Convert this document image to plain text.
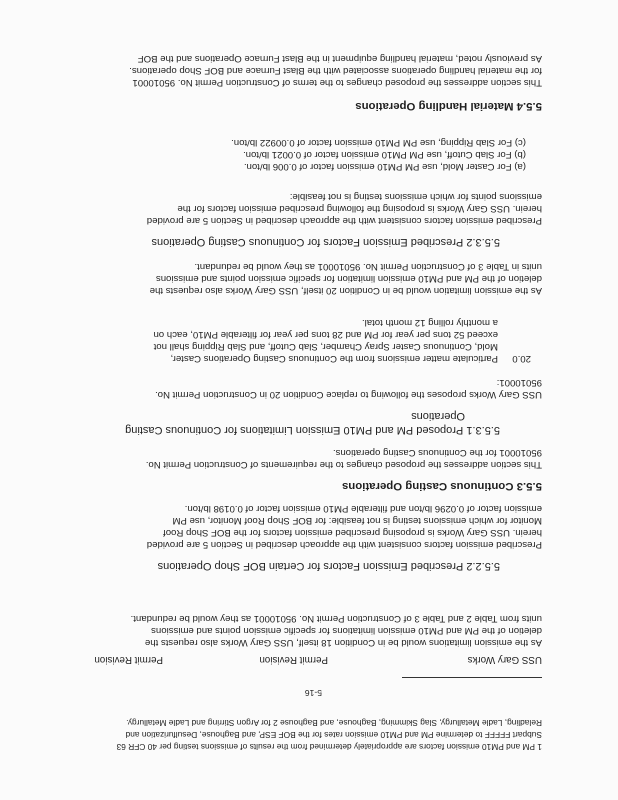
USS Gary Works
Permit Revision
Permit Revision
5.5.2.2 Prescribed Emission Factors for Certain BOF Shop Operations
As the emission limitations would be in Condition 18 itself, USS Gary Works also requests the
deletion of the PM and PM10 emission limitations for specific emission points and emissions
units from Table 2 and Table 3 of Construction Permit No. 95010001 as they would be redundant.
Prescribed emission factors consistent with the approach described in Section 5 are provided
herein. USS Gary Works is proposing prescribed emission factors for the BOF Shop Roof
Monitor for which emissions testing is not feasible: for BOF Shop Roof Monitor, use PM
emission factor of 0.0296 lb/ton and filterable PM10 emission factor of 0.0198 lb/ton.
5.5.3 Continuous Casting Operations
This section addresses the proposed changes to the requirements of Construction Permit No.
95010001 for the Continuous Casting operations.
5.5.3.1 Proposed PM and PM10 Emission Limitations for Continuous Casting
Operations
USS Gary Works proposes the following to replace Condition 20 in Construction Permit No.
95010001:
20.0
Particulate matter emissions from the Continuous Casting Operations Caster,
Mold, Continuous Caster Spray Chamber, Slab Cutoff, and Slab Ripping shall not
exceed 52 tons per year for PM and 28 tons per year for filterable PM10, each on
a monthly rolling 12 month total.
As the emission limitation would be in Condition 20 itself, USS Gary Works also requests the
deletion of the PM and PM10 emission limitation for specific emission points and emissions
units in Table 3 of Construction Permit No. 95010001 as they would be redundant.
5.5.3.2 Prescribed Emission Factors for Continuous Casting Operations
Prescribed emission factors consistent with the approach described in Section 5 are provided
herein. USS Gary Works is proposing the following prescribed emission factors for the
emissions points for which emissions testing is not feasible:
(a) For Caster Mold, use PM PM10 emission factor of 0.006 lb/ton.
(b) For Slab Cutoff, use PM PM10 emission factor of 0.0021 lb/ton.
(c) For Slab Ripping, use PM PM10 emission factor of 0.00922 lb/ton.
5.5.4 Material Handling Operations
This section addresses the proposed changes to the terms of Construction Permit No. 95010001
for the material handling operations associated with the Blast Furnace and BOF Shop operations.
As previously noted, material handling equipment in the Blast Furnace Operations and the BOF
5-16
1 PM and PM10 emission factors are appropriately determined from the results of emissions testing per 40 CFR 63
Subpart FFFFF to determine PM and PM10 emission rates for the BOF ESP, and Baghouse, Desulfurization and
Reladling, Ladle Metallurgy, Slag Skimming, Baghouse, and Baghouse 2 for Argon Stirring and Ladle Metallurgy.
